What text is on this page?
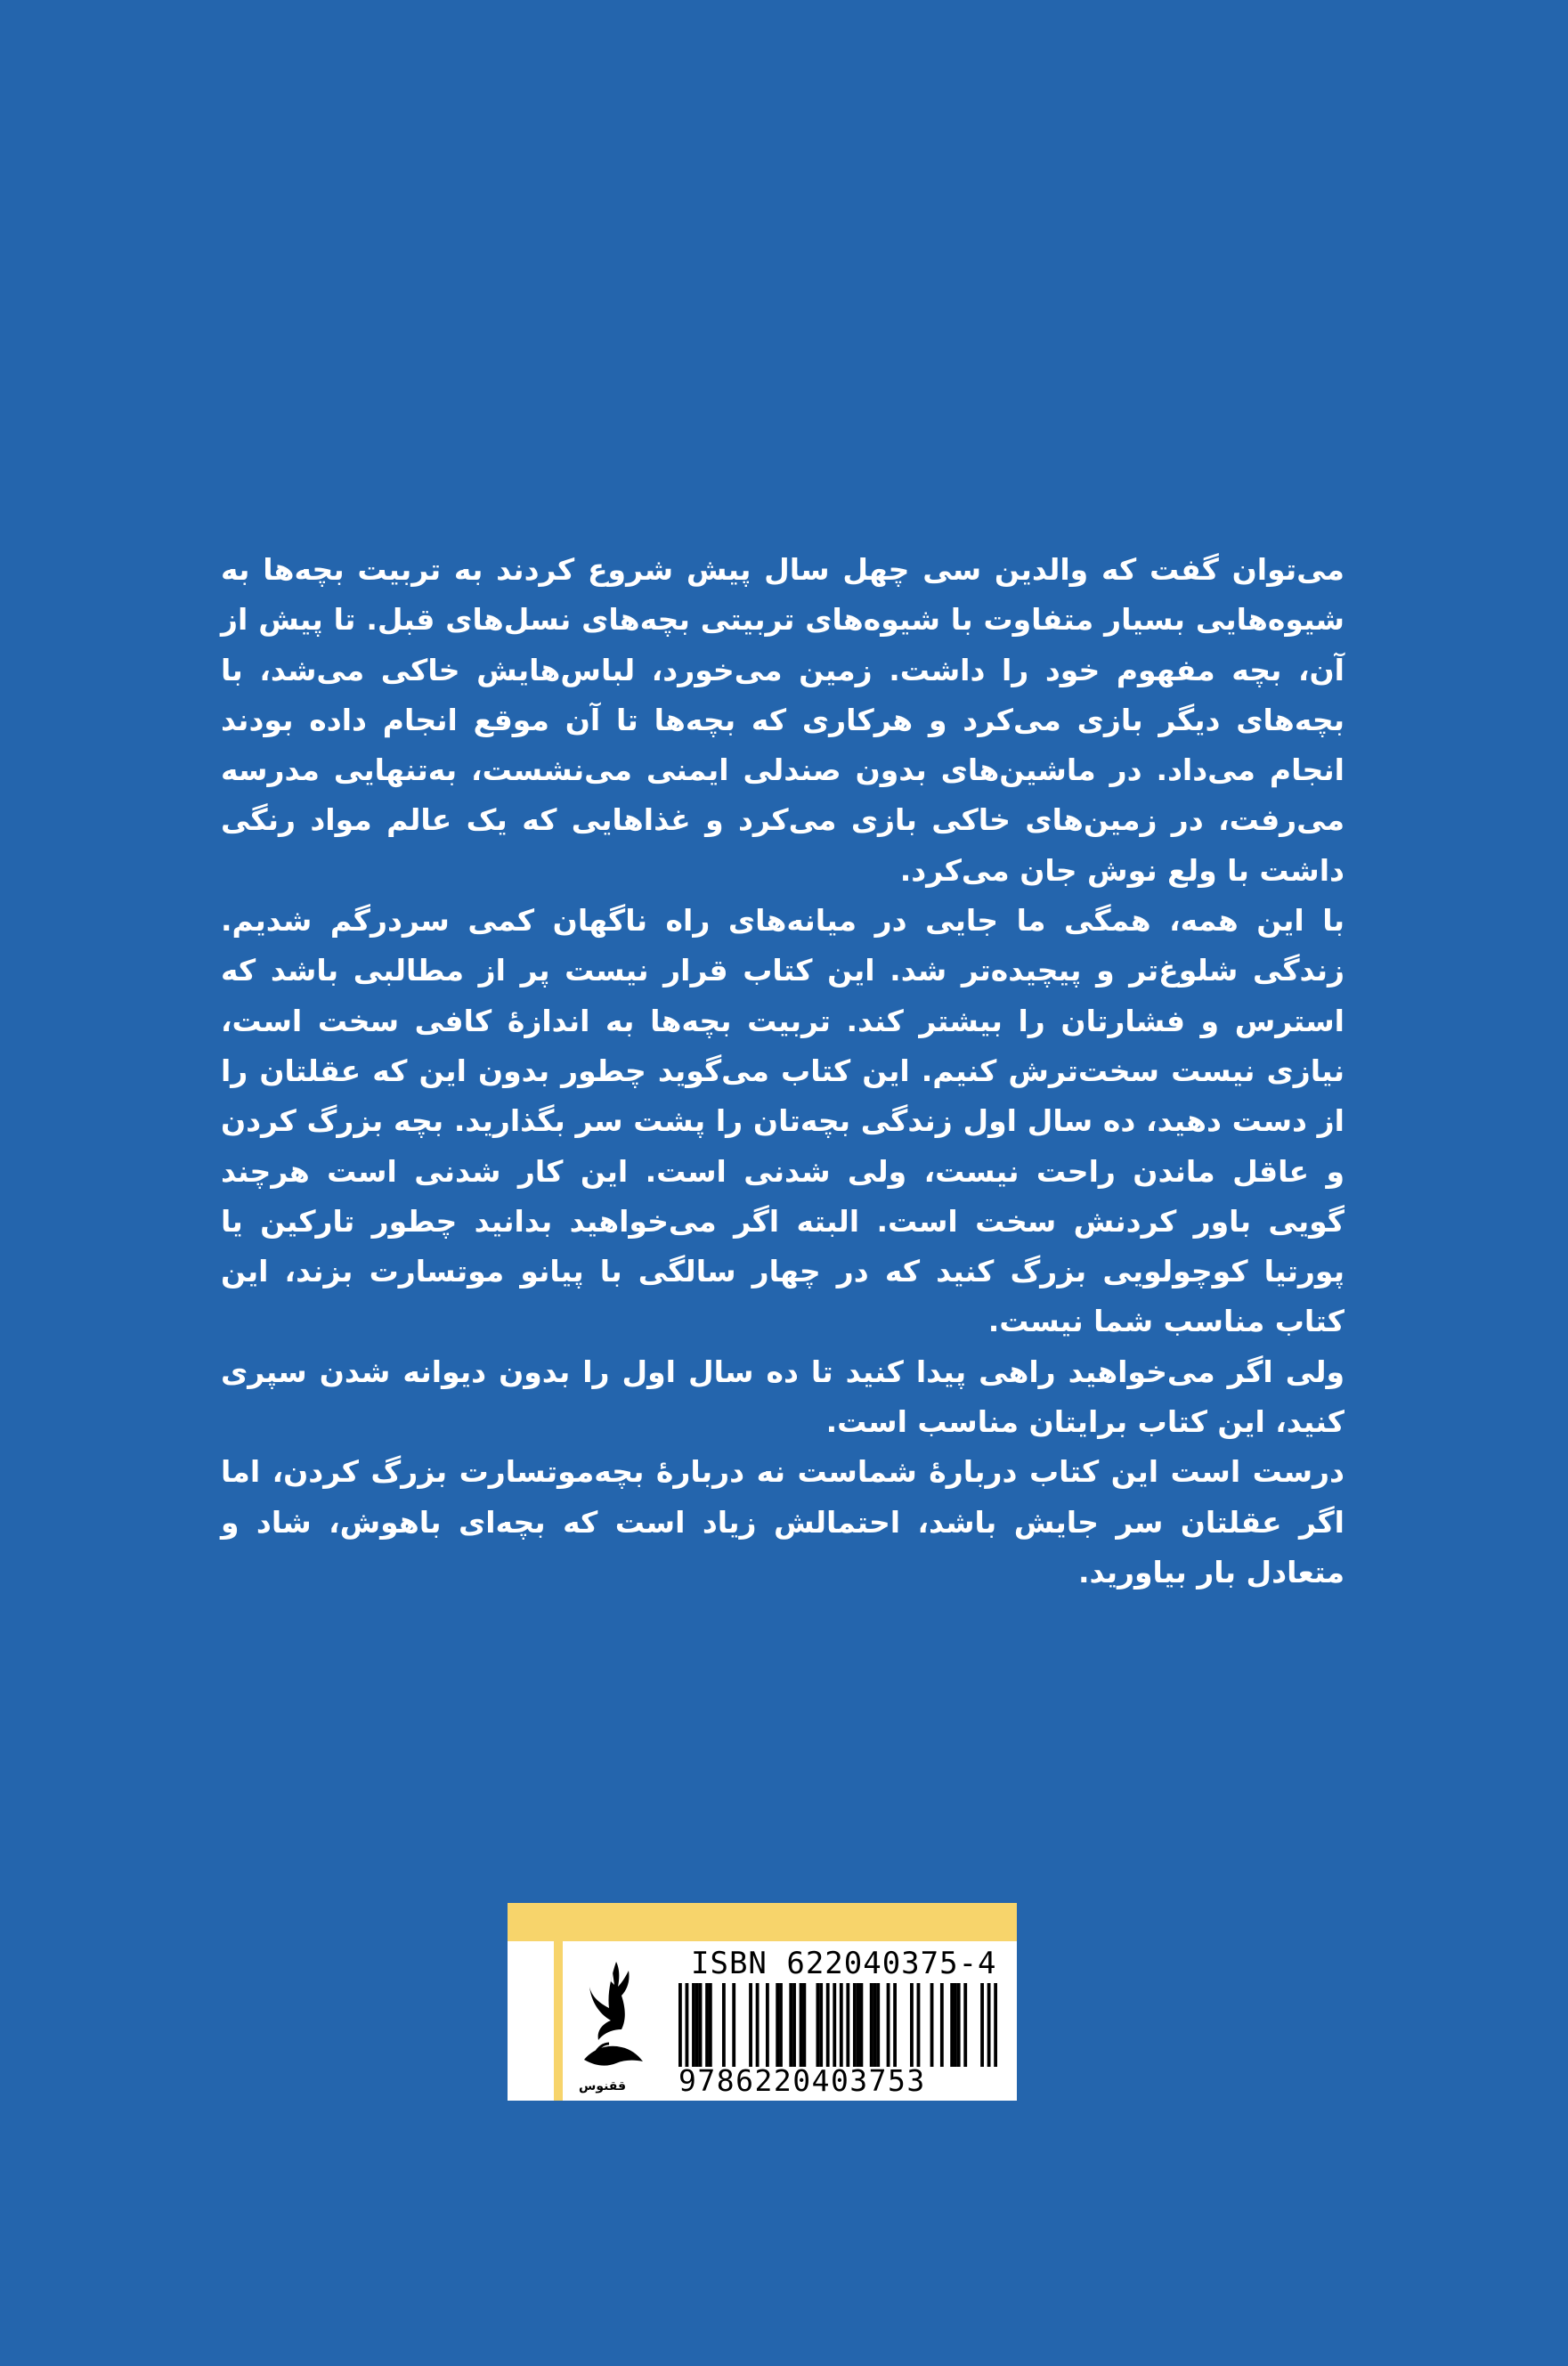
می‌توان گفت که والدین سی چهل سال پیش شروع کردند به تربیت بچه‌ها به شیوه‌هایی بسیار متفاوت با شیوه‌های تربیتی بچه‌های نسل‌های قبل. تا پیش از آن، بچه مفهوم خود را داشت. زمین می‌خورد، لباس‌هایش خاکی می‌شد، با بچه‌های دیگر بازی می‌کرد و هرکاری که بچه‌ها تا آن موقع انجام داده بودند انجام می‌داد. در ماشین‌های بدون صندلی ایمنی می‌نشست، به‌تنهایی مدرسه می‌رفت، در زمین‌های خاکی بازی می‌کرد و غذاهایی که یک عالم مواد رنگی داشت با ولع نوش جان می‌کرد.

با این همه، همگی ما جایی در میانه‌های راه ناگهان کمی سردرگم شدیم. زندگی شلوغ‌تر و پیچیده‌تر شد. این کتاب قرار نیست پر از مطالبی باشد که استرس و فشارتان را بیشتر کند. تربیت بچه‌ها به اندازهٔ کافی سخت است، نیازی نیست سخت‌ترش کنیم. این کتاب می‌گوید چطور بدون این که عقلتان را از دست دهید، ده سال اول زندگی بچه‌تان را پشت سر بگذارید. بچه بزرگ کردن و عاقل ماندن راحت نیست، ولی شدنی است. این کار شدنی است هرچند گویی باور کردنش سخت است. البته اگر می‌خواهید بدانید چطور تارکین یا پورتیا کوچولویی بزرگ کنید که در چهار سالگی با پیانو موتسارت بزند، این کتاب مناسب شما نیست.

ولی اگر می‌خواهید راهی پیدا کنید تا ده سال اول را بدون دیوانه شدن سپری کنید، این کتاب برایتان مناسب است.

درست است این کتاب دربارهٔ شماست نه دربارهٔ بچه‌موتسارت بزرگ کردن، اما اگر عقلتان سر جایش باشد، احتمالش زیاد است که بچه‌ای باهوش، شاد و متعادل بار بیاورید.

ققنوس
ISBN 622040375-4
9786220403753
